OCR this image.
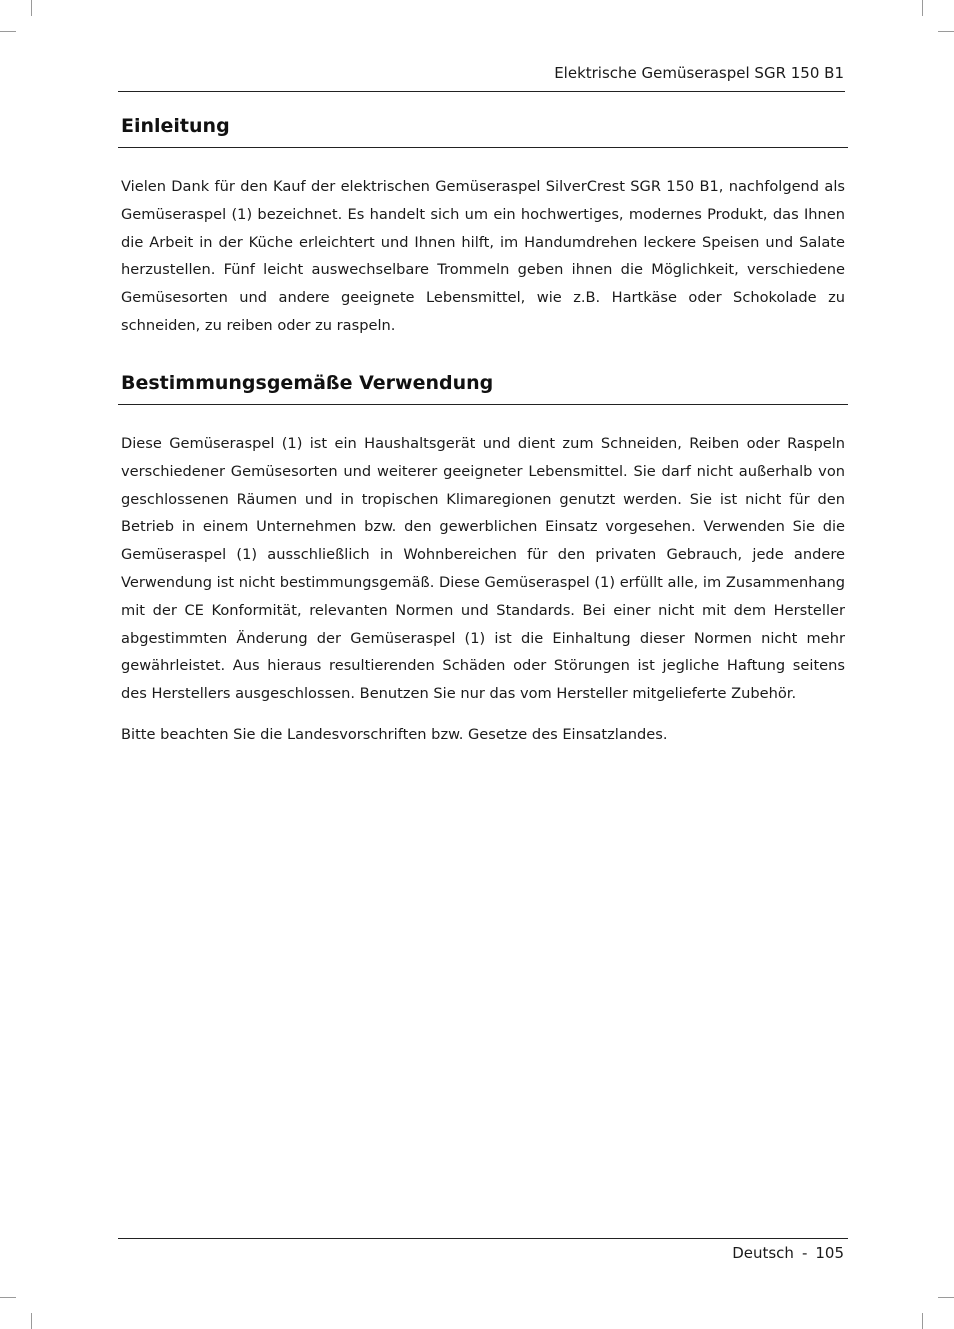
Elektrische Gemüseraspel SGR 150 B1
Einleitung

Vielen Dank für den Kauf der elektrischen Gemüseraspel SilverCrest SGR 150 B1, nachfolgend als Gemüseraspel (1) bezeichnet. Es handelt sich um ein hochwertiges, modernes Produkt, das Ihnen die Arbeit in der Küche erleichtert und Ihnen hilft, im Handumdrehen leckere Speisen und Salate herzustellen. Fünf leicht auswechselbare Trommeln geben ihnen die Möglichkeit, verschiedene Gemüsesorten und andere geeignete Lebensmittel, wie z.B. Hartkäse oder Schokolade zu schneiden, zu reiben oder zu raspeln.

Bestimmungsgemäße Verwendung

Diese Gemüseraspel (1) ist ein Haushaltsgerät und dient zum Schneiden, Reiben oder Raspeln verschiedener Gemüsesorten und weiterer geeigneter Lebensmittel. Sie darf nicht außerhalb von geschlossenen Räumen und in tropischen Klimaregionen genutzt werden. Sie ist nicht für den Betrieb in einem Unternehmen bzw. den gewerblichen Einsatz vorgesehen. Verwenden Sie die Gemüseraspel (1) ausschließlich in Wohnbereichen für den privaten Gebrauch, jede andere Verwendung ist nicht bestimmungsgemäß. Diese Gemüseraspel (1) erfüllt alle, im Zusammenhang mit der CE Konformität, relevanten Normen und Standards. Bei einer nicht mit dem Hersteller abgestimmten Änderung der Gemüseraspel (1) ist die Einhaltung dieser Normen nicht mehr gewährleistet. Aus hieraus resultierenden Schäden oder Störungen ist jegliche Haftung seitens des Herstellers ausgeschlossen. Benutzen Sie nur das vom Hersteller mitgelieferte Zubehör.

Bitte beachten Sie die Landesvorschriften bzw. Gesetze des Einsatzlandes.

Deutsch - 105
